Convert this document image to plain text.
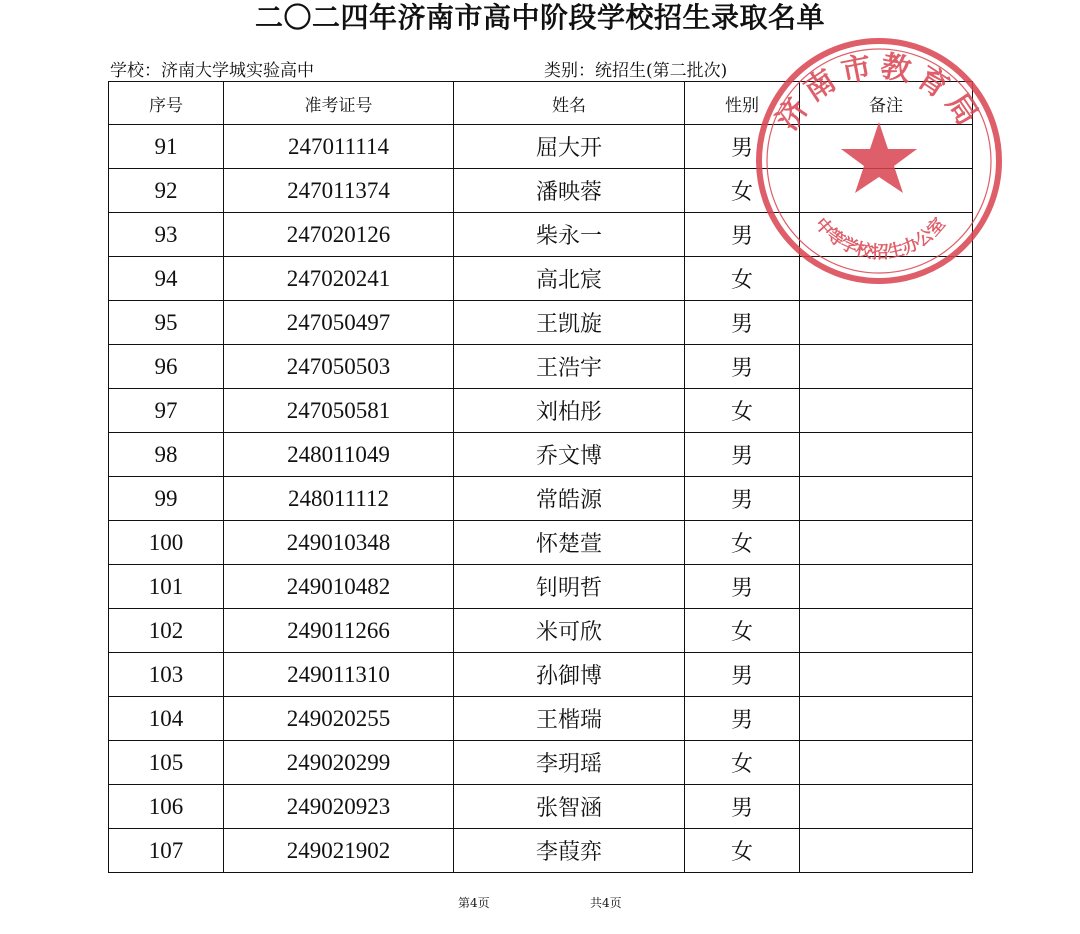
二〇二四年济南市高中阶段学校招生录取名单
学校：济南大学城实验高中	类别：统招生(第二批次)
序号	准考证号	姓名	性别	备注
91	247011114	屈大开	男	
92	247011374	潘映蓉	女	
93	247020126	柴永一	男	
94	247020241	高北宸	女	
95	247050497	王凯旋	男	
96	247050503	王浩宇	男	
97	247050581	刘柏彤	女	
98	248011049	乔文博	男	
99	248011112	常皓源	男	
100	249010348	怀楚萱	女	
101	249010482	钊明哲	男	
102	249011266	米可欣	女	
103	249011310	孙御博	男	
104	249020255	王楷瑞	男	
105	249020299	李玥瑶	女	
106	249020923	张智涵	男	
107	249021902	李葭弈	女	
济南市教育局
中等学校招生办公室
第4页	共4页
